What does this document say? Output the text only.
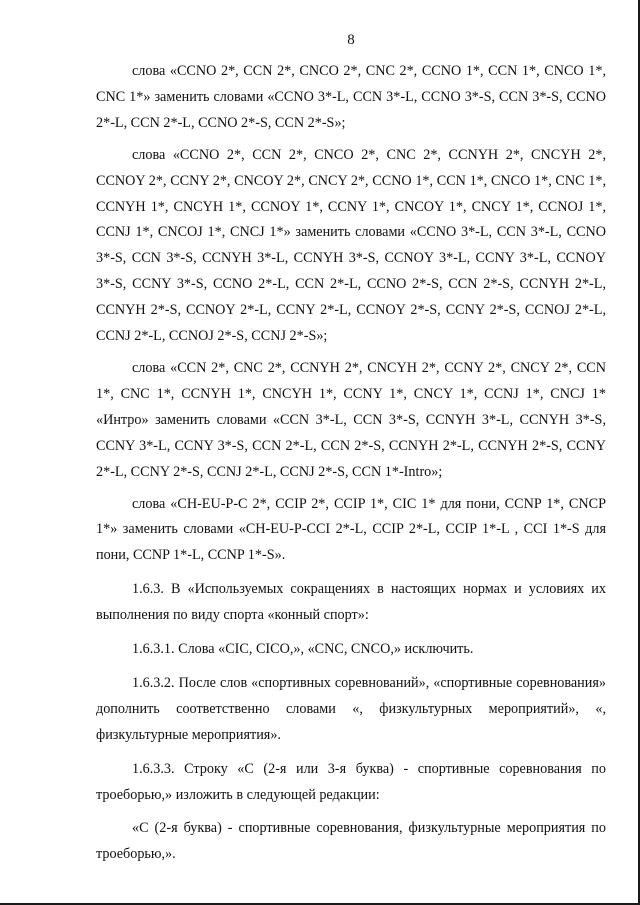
8

слова «CCNO 2*, CCN 2*, CNCO 2*, CNC 2*, CCNO 1*, CCN 1*, CNCO 1*, CNC 1*» заменить словами «CCNO 3*-L, CCN 3*-L, CCNO 3*-S, CCN 3*-S, CCNO 2*-L, CCN 2*-L, CCNO 2*-S, CCN 2*-S»;

слова «CCNO 2*, CCN 2*, CNCO 2*, CNC 2*, CCNYH 2*, CNCYH 2*, CCNOY 2*, CCNY 2*, CNCOY 2*, CNCY 2*, CCNO 1*, CCN 1*, CNCO 1*, CNC 1*, CCNYH 1*, CNCYH 1*, CCNOY 1*, CCNY 1*, CNCOY 1*, CNCY 1*, CCNOJ 1*, CCNJ 1*, CNCOJ 1*, CNCJ 1*» заменить словами «CCNO 3*-L, CCN 3*-L, CCNO 3*-S, CCN 3*-S, CCNYH 3*-L, CCNYH 3*-S, CCNOY 3*-L, CCNY 3*-L, CCNOY 3*-S, CCNY 3*-S, CCNO 2*-L, CCN 2*-L, CCNO 2*-S, CCN 2*-S, CCNYH 2*-L, CCNYH 2*-S, CCNOY 2*-L, CCNY 2*-L, CCNOY 2*-S, CCNY 2*-S, CCNOJ 2*-L, CCNJ 2*-L, CCNOJ 2*-S, CCNJ 2*-S»;

слова «CCN 2*, CNC 2*, CCNYH 2*, CNCYH 2*, CCNY 2*, CNCY 2*, CCN 1*, CNC 1*, CCNYH 1*, CNCYH 1*, CCNY 1*, CNCY 1*, CCNJ 1*, CNCJ 1* «Интро» заменить словами «CCN 3*-L, CCN 3*-S, CCNYH 3*-L, CCNYH 3*-S, CCNY 3*-L, CCNY 3*-S, CCN 2*-L, CCN 2*-S, CCNYH 2*-L, CCNYH 2*-S, CCNY 2*-L, CCNY 2*-S, CCNJ 2*-L, CCNJ 2*-S, CCN 1*-Intro»;

слова «CH-EU-P-C 2*, CCIP 2*, CCIP 1*, CIC 1* для пони, CCNP 1*, CNCP 1*» заменить словами «CH-EU-P-CCI 2*-L, CCIP 2*-L, CCIP 1*-L , CCI 1*-S для пони, CCNP 1*-L, CCNP 1*-S».

1.6.3. В «Используемых сокращениях в настоящих нормах и условиях их выполнения по виду спорта «конный спорт»:

1.6.3.1. Слова «CIC, CICO,», «CNC, CNCO,» исключить.

1.6.3.2. После слов «спортивных соревнований», «спортивные соревнования» дополнить соответственно словами «, физкультурных мероприятий», «, физкультурные мероприятия».

1.6.3.3. Строку «С (2-я или 3-я буква) - спортивные соревнования по троеборью,» изложить в следующей редакции:

«С (2-я буква) - спортивные соревнования, физкультурные мероприятия по троеборью,».
